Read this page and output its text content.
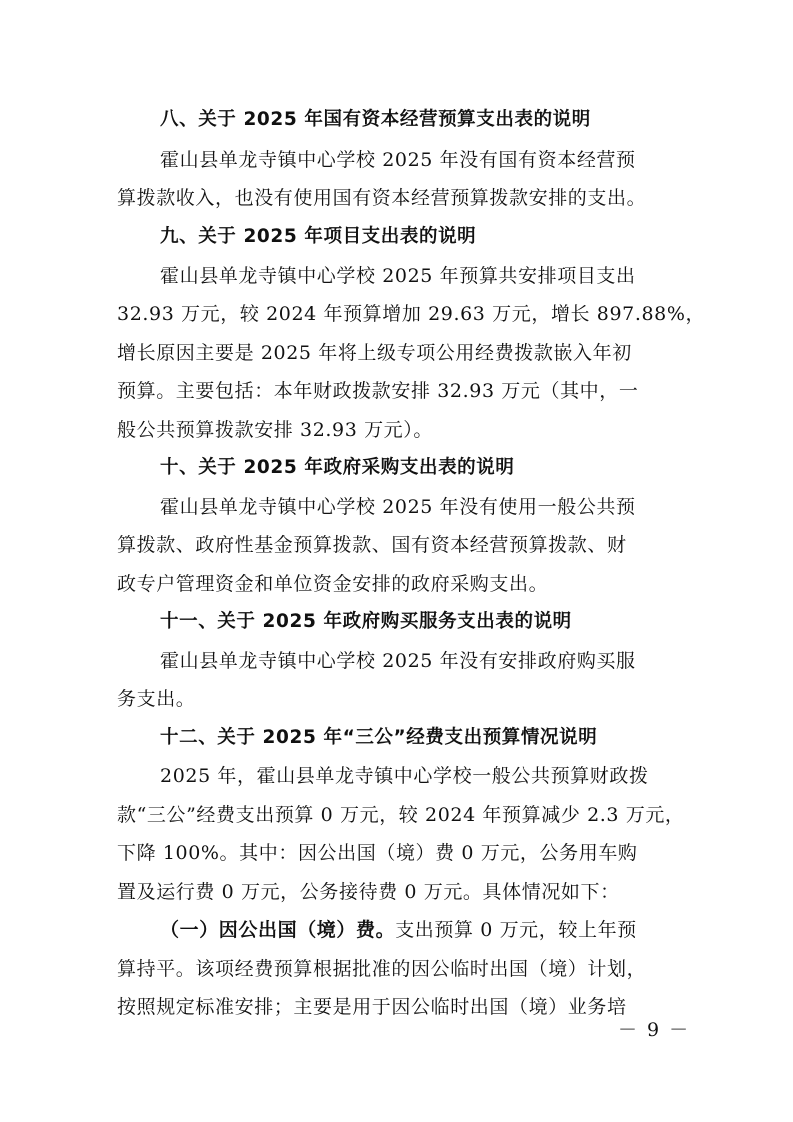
八、关于 2025 年国有资本经营预算支出表的说明
霍山县单龙寺镇中心学校 2025 年没有国有资本经营预
算拨款收入，也没有使用国有资本经营预算拨款安排的支出。
九、关于 2025 年项目支出表的说明
霍山县单龙寺镇中心学校 2025 年预算共安排项目支出
32.93 万元，较 2024 年预算增加 29.63 万元，增长 897.88%，
增长原因主要是 2025 年将上级专项公用经费拨款嵌入年初
预算。主要包括：本年财政拨款安排 32.93 万元（其中，一
般公共预算拨款安排 32.93 万元）。
十、关于 2025 年政府采购支出表的说明
霍山县单龙寺镇中心学校 2025 年没有使用一般公共预
算拨款、政府性基金预算拨款、国有资本经营预算拨款、财
政专户管理资金和单位资金安排的政府采购支出。
十一、关于 2025 年政府购买服务支出表的说明
霍山县单龙寺镇中心学校 2025 年没有安排政府购买服
务支出。
十二、关于 2025 年“三公”经费支出预算情况说明
2025 年，霍山县单龙寺镇中心学校一般公共预算财政拨
款“三公”经费支出预算 0 万元，较 2024 年预算减少 2.3 万元，
下降 100%。其中：因公出国（境）费 0 万元，公务用车购
置及运行费 0 万元，公务接待费 0 万元。具体情况如下：
（一）因公出国（境）费。支出预算 0 万元，较上年预
算持平。该项经费预算根据批准的因公临时出国（境）计划，
按照规定标准安排；主要是用于因公临时出国（境）业务培
－ 9 －
